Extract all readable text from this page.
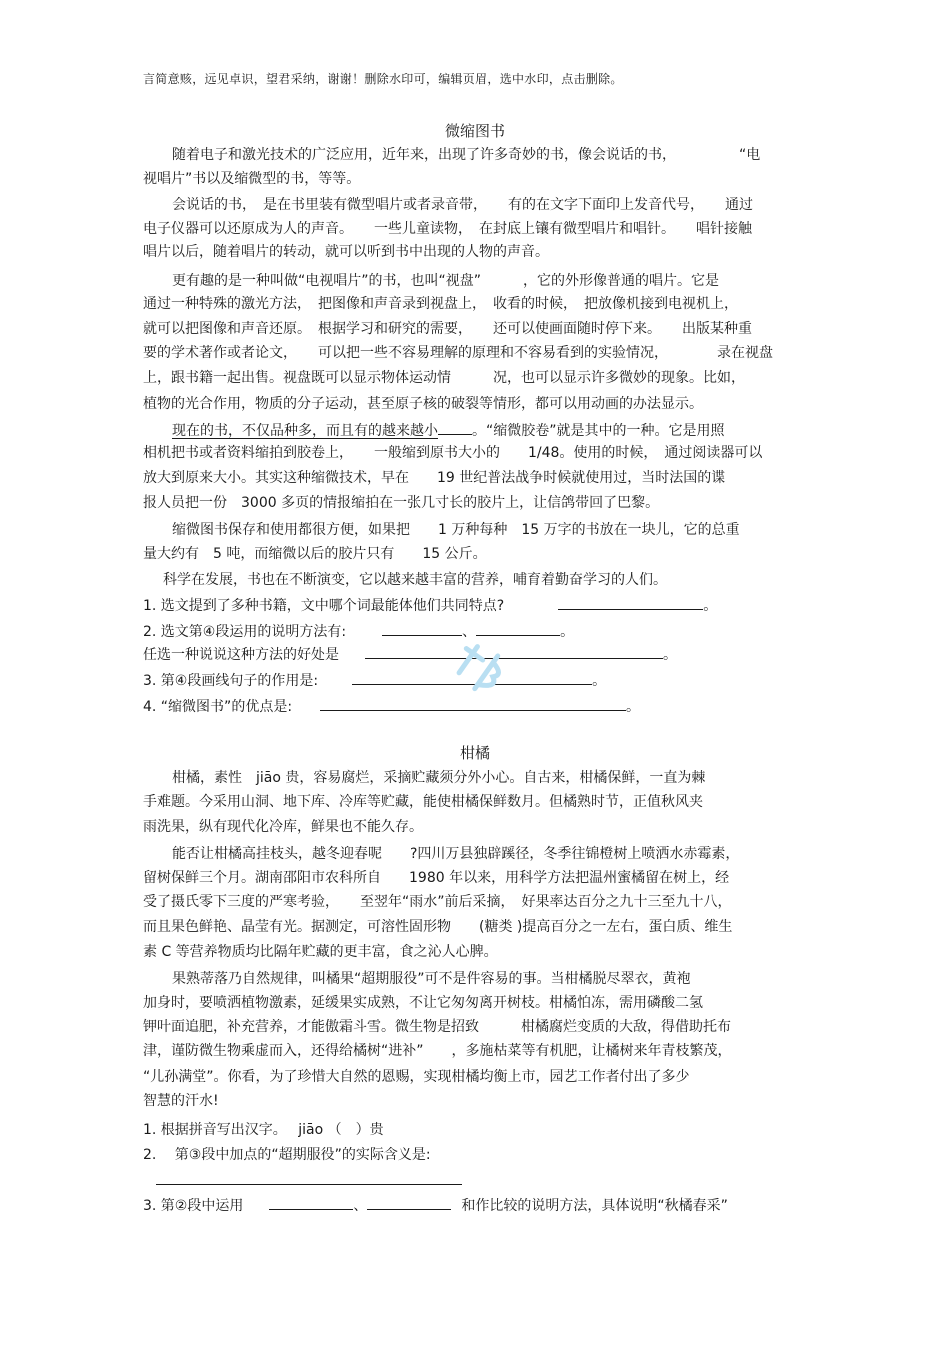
言简意赅，远见卓识，望君采纳，谢谢！删除水印可，编辑页眉，选中水印，点击删除。
微缩图书
随着电子和激光技术的广泛应用，近年来，出现了许多奇妙的书，像会说话的书，　　　　　“电
视唱片”书以及缩微型的书，等等。
会说话的书，　是在书里装有微型唱片或者录音带，　　有的在文字下面印上发音代号，　　通过
电子仪器可以还原成为人的声音。　　一些儿童读物，　在封底上镶有微型唱片和唱针。　　唱针接触
唱片以后，随着唱片的转动，就可以听到书中出现的人物的声音。
更有趣的是一种叫做“电视唱片”的书，也叫“视盘”　　　，它的外形像普通的唱片。它是
通过一种特殊的激光方法，　把图像和声音录到视盘上，　收看的时候，　把放像机接到电视机上，
就可以把图像和声音还原。　根据学习和研究的需要，　　还可以使画面随时停下来。　　出版某种重
要的学术著作或者论文，　　可以把一些不容易理解的原理和不容易看到的实验情况，　　　　录在视盘
上，跟书籍一起出售。视盘既可以显示物体运动情　　　况，也可以显示许多微妙的现象。比如，
植物的光合作用，物质的分子运动，甚至原子核的破裂等情形，都可以用动画的办法显示。
现在的书，不仅品种多，而且有的越来越小 。“缩微胶卷”就是其中的一种。它是用照
相机把书或者资料缩拍到胶卷上，　　一般缩到原书大小的　　1/48。使用的时候，　通过阅读器可以
放大到原来大小。其实这种缩微技术，早在　　19 世纪普法战争时候就使用过，当时法国的谍
报人员把一份　3000 多页的情报缩拍在一张几寸长的胶片上，让信鸽带回了巴黎。
缩微图书保存和使用都很方便，如果把　　1 万种每种　15 万字的书放在一块儿，它的总重
量大约有　5 吨，而缩微以后的胶片只有　　15 公斤。
科学在发展，书也在不断演变，它以越来越丰富的营养，哺育着勤奋学习的人们。
1. 选文提到了多种书籍，文中哪个词最能体他们共同特点?	。
2. 选文第④段运用的说明方法有:	、	。
任选一种说说这种方法的好处是	。
3. 第④段画线句子的作用是:	。
4. “缩微图书”的优点是:	。
柑橘
柑橘，素性　jiāo 贵，容易腐烂，采摘贮藏须分外小心。自古来，柑橘保鲜，一直为棘
手难题。今采用山洞、地下库、冷库等贮藏，能使柑橘保鲜数月。但橘熟时节，正值秋风夹
雨洗果，纵有现代化冷库，鲜果也不能久存。
能否让柑橘高挂枝头，越冬迎春呢　　?四川万县独辟蹊径，冬季往锦橙树上喷洒水赤霉素，
留树保鲜三个月。湖南邵阳市农科所自　　1980 年以来，用科学方法把温州蜜橘留在树上，经
受了摄氏零下三度的严寒考验，　　至翌年“雨水”前后采摘，　好果率达百分之九十三至九十八，
而且果色鲜艳、晶莹有光。据测定，可溶性固形物　　(糖类 )提高百分之一左右，蛋白质、维生
素 C 等营养物质均比隔年贮藏的更丰富，食之沁人心脾。
果熟蒂落乃自然规律，叫橘果“超期服役”可不是件容易的事。当柑橘脱尽翠衣，黄袍
加身时，要喷洒植物激素，延缓果实成熟，不让它匆匆离开树枝。柑橘怕冻，需用磷酸二氢
钾叶面追肥，补充营养，才能傲霜斗雪。微生物是招致　　　柑橘腐烂变质的大敌，得借助托布
津，谨防微生物乘虚而入，还得给橘树“进补”　　，多施枯菜等有机肥，让橘树来年青枝繁茂，
“儿孙满堂”。你看，为了珍惜大自然的恩赐，实现柑橘均衡上市，园艺工作者付出了多少
智慧的汗水!
1. 根据拼音写出汉字。　 jiāo （　）贵
2.　 第③段中加点的“超期服役”的实际含义是:
3. 第②段中运用	、	和作比较的说明方法，具体说明“秋橘春采”
